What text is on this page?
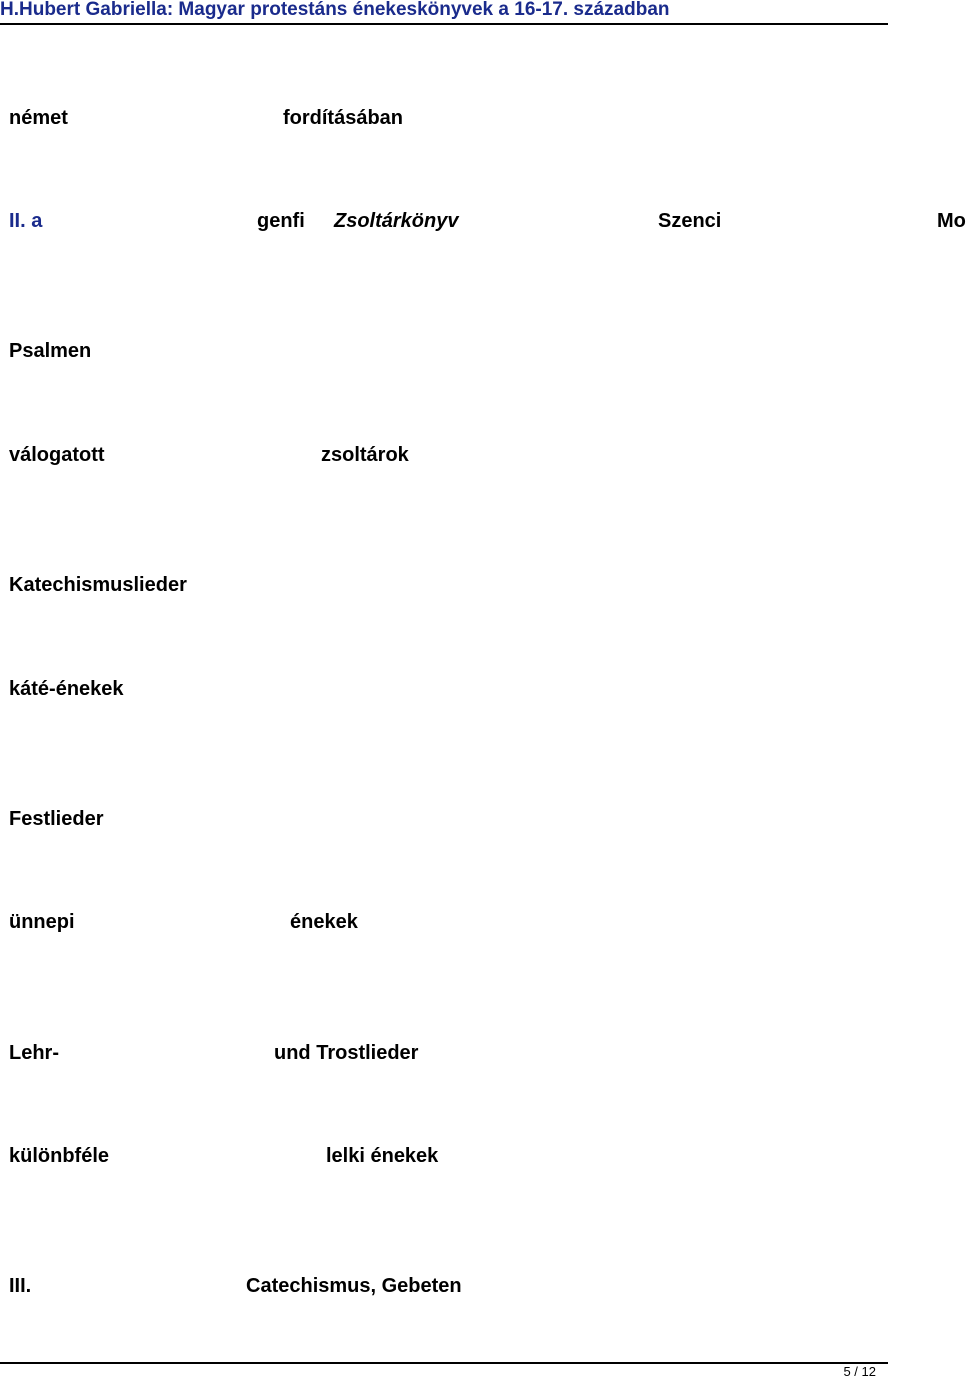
H.Hubert Gabriella: Magyar protestáns énekeskönyvek a 16-17. században
német	fordításában
II. a	genfi Zsoltárkönyv	Szenci	Mo
Psalmen
válogatott	zsoltárok
Katechismuslieder
káté-énekek
Festlieder
ünnepi	énekek
Lehr-	und Trostlieder
különbféle	lelki énekek
III.	Catechismus, Gebeten
5 / 12
